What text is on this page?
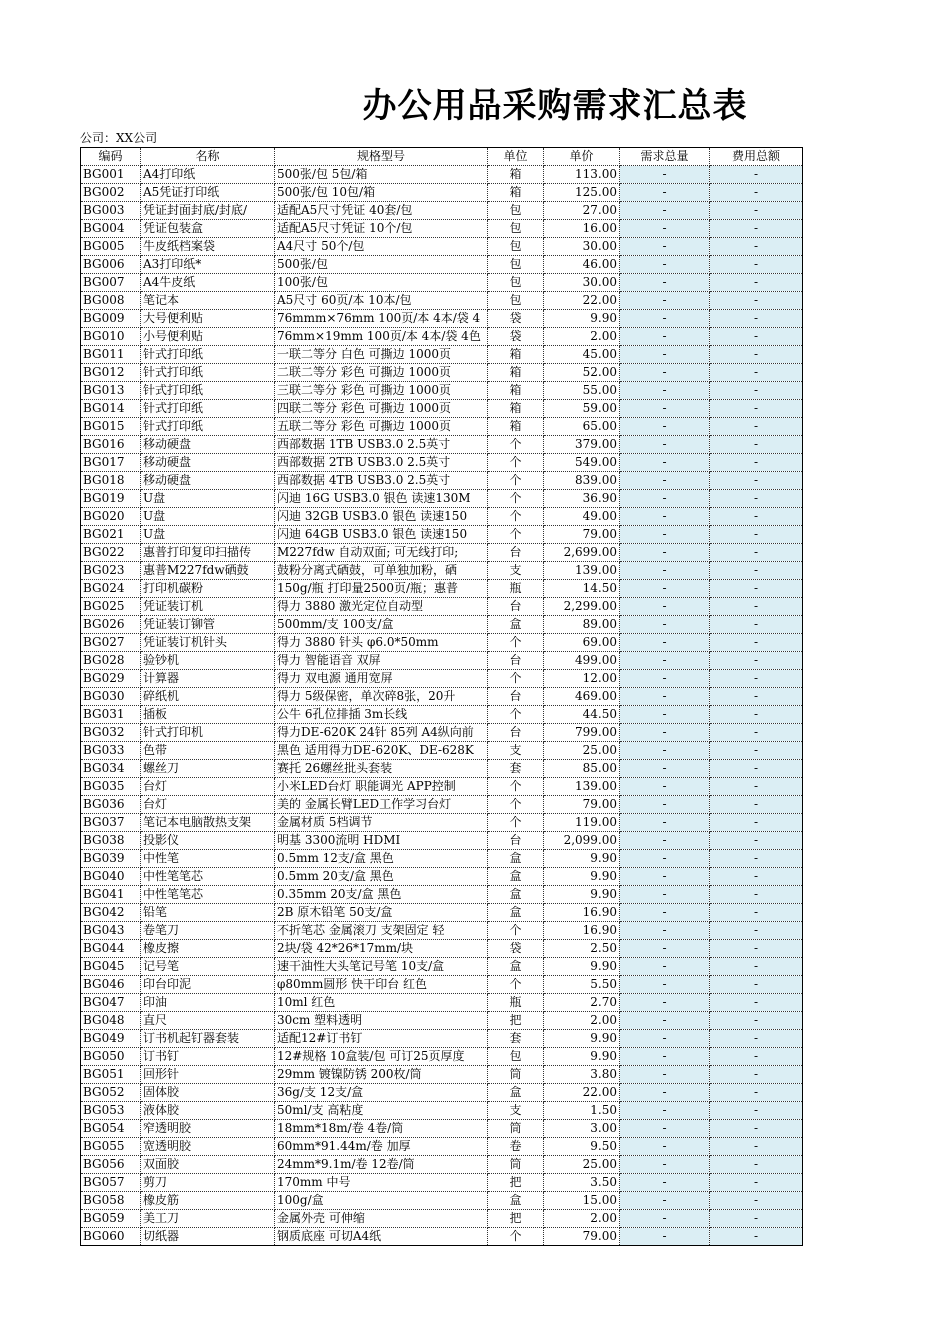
办公用品采购需求汇总表
公司：XX公司
编码	名称	规格型号	单位	单价	需求总量	费用总额
BG001	A4打印纸	500张/包 5包/箱	箱	113.00	-	-
BG002	A5凭证打印纸	500张/包 10包/箱	箱	125.00	-	-
BG003	凭证封面封底/封底/	适配A5尺寸凭证 40套/包	包	27.00	-	-
BG004	凭证包装盒	适配A5尺寸凭证 10个/包	包	16.00	-	-
BG005	牛皮纸档案袋	A4尺寸 50个/包	包	30.00	-	-
BG006	A3打印纸*	500张/包	包	46.00	-	-
BG007	A4牛皮纸	100张/包	包	30.00	-	-
BG008	笔记本	A5尺寸 60页/本 10本/包	包	22.00	-	-
BG009	大号便利贴	76mmm×76mm 100页/本 4本/袋 4	袋	9.90	-	-
BG010	小号便利贴	76mm×19mm 100页/本 4本/袋 4色	袋	2.00	-	-
BG011	针式打印纸	一联二等分 白色 可撕边 1000页	箱	45.00	-	-
BG012	针式打印纸	二联二等分 彩色 可撕边 1000页	箱	52.00	-	-
BG013	针式打印纸	三联二等分 彩色 可撕边 1000页	箱	55.00	-	-
BG014	针式打印纸	四联二等分 彩色 可撕边 1000页	箱	59.00	-	-
BG015	针式打印纸	五联二等分 彩色 可撕边 1000页	箱	65.00	-	-
BG016	移动硬盘	西部数据 1TB USB3.0 2.5英寸	个	379.00	-	-
BG017	移动硬盘	西部数据 2TB USB3.0 2.5英寸	个	549.00	-	-
BG018	移动硬盘	西部数据 4TB USB3.0 2.5英寸	个	839.00	-	-
BG019	U盘	闪迪 16G USB3.0 银色 读速130M	个	36.90	-	-
BG020	U盘	闪迪 32GB USB3.0 银色 读速150	个	49.00	-	-
BG021	U盘	闪迪 64GB USB3.0 银色 读速150	个	79.00	-	-
BG022	惠普打印复印扫描传	M227fdw 自动双面; 可无线打印;	台	2,699.00	-	-
BG023	惠普M227fdw硒鼓	鼓粉分离式硒鼓，可单独加粉，硒	支	139.00	-	-
BG024	打印机碳粉	150g/瓶 打印量2500页/瓶；惠普	瓶	14.50	-	-
BG025	凭证装订机	得力 3880 激光定位自动型	台	2,299.00	-	-
BG026	凭证装订铆管	500mm/支 100支/盒	盒	89.00	-	-
BG027	凭证装订机针头	得力 3880 针头 φ6.0*50mm	个	69.00	-	-
BG028	验钞机	得力 智能语音 双屏	台	499.00	-	-
BG029	计算器	得力 双电源 通用宽屏	个	12.00	-	-
BG030	碎纸机	得力 5级保密，单次碎8张，20升	台	469.00	-	-
BG031	插板	公牛 6孔位排插 3m长线	个	44.50	-	-
BG032	针式打印机	得力DE-620K 24针 85列 A4纵向前	台	799.00	-	-
BG033	色带	黑色 适用得力DE-620K、DE-628K	支	25.00	-	-
BG034	螺丝刀	赛托 26螺丝批头套装	套	85.00	-	-
BG035	台灯	小米LED台灯 职能调光 APP控制	个	139.00	-	-
BG036	台灯	美的 金属长臂LED工作学习台灯	个	79.00	-	-
BG037	笔记本电脑散热支架	金属材质 5档调节	个	119.00	-	-
BG038	投影仪	明基 3300流明 HDMI	台	2,099.00	-	-
BG039	中性笔	0.5mm 12支/盒 黑色	盒	9.90	-	-
BG040	中性笔笔芯	0.5mm 20支/盒 黑色	盒	9.90	-	-
BG041	中性笔笔芯	0.35mm 20支/盒 黑色	盒	9.90	-	-
BG042	铅笔	2B 原木铅笔 50支/盒	盒	16.90	-	-
BG043	卷笔刀	不折笔芯 金属滚刀 支架固定 轻	个	16.90	-	-
BG044	橡皮擦	2块/袋 42*26*17mm/块	袋	2.50	-	-
BG045	记号笔	速干油性大头笔记号笔 10支/盒	盒	9.90	-	-
BG046	印台印泥	φ80mm圆形 快干印台 红色	个	5.50	-	-
BG047	印油	10ml 红色	瓶	2.70	-	-
BG048	直尺	30cm 塑料透明	把	2.00	-	-
BG049	订书机起钉器套装	适配12#订书钉	套	9.90	-	-
BG050	订书钉	12#规格 10盒装/包 可订25页厚度	包	9.90	-	-
BG051	回形针	29mm 镀镍防锈 200枚/筒	筒	3.80	-	-
BG052	固体胶	36g/支 12支/盒	盒	22.00	-	-
BG053	液体胶	50ml/支 高粘度	支	1.50	-	-
BG054	窄透明胶	18mm*18m/卷 4卷/筒	筒	3.00	-	-
BG055	宽透明胶	60mm*91.44m/卷 加厚	卷	9.50	-	-
BG056	双面胶	24mm*9.1m/卷 12卷/筒	筒	25.00	-	-
BG057	剪刀	170mm 中号	把	3.50	-	-
BG058	橡皮筋	100g/盒	盒	15.00	-	-
BG059	美工刀	金属外壳 可伸缩	把	2.00	-	-
BG060	切纸器	钢质底座 可切A4纸	个	79.00	-	-
